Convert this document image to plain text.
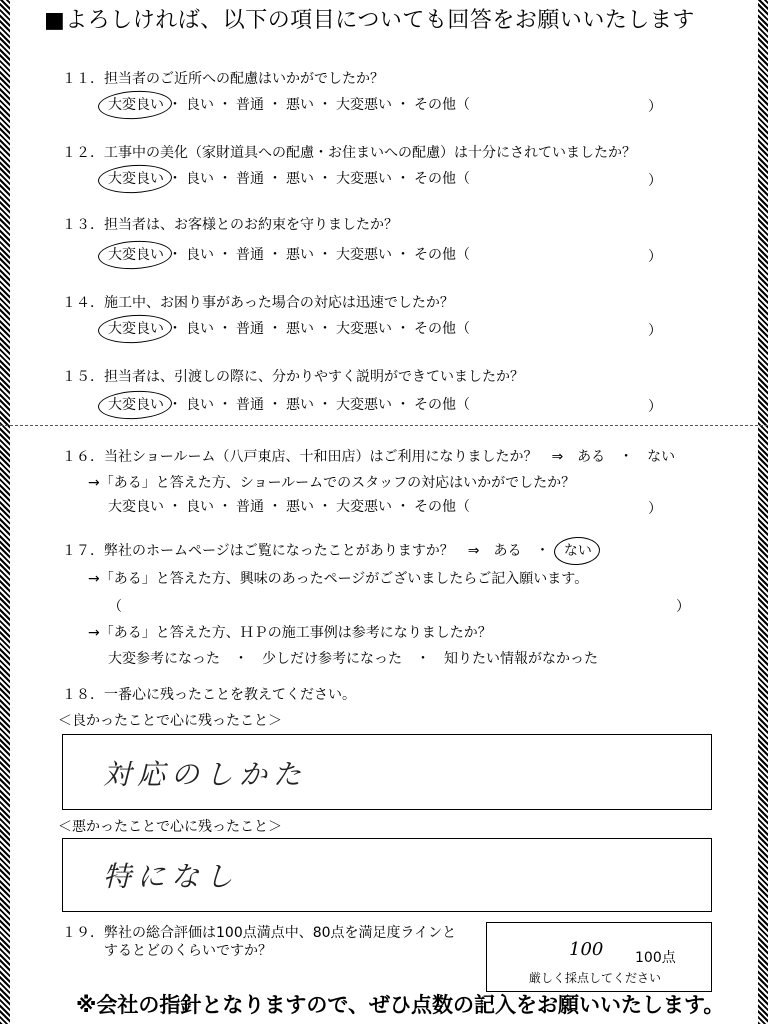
■よろしければ、以下の項目についても回答をお願いいたします
１１．担当者のご近所への配慮はいかがでしたか？
大変良い ・ 良い ・ 普通 ・ 悪い ・ 大変悪い ・ その他（	）
１２．工事中の美化（家財道具への配慮・お住まいへの配慮）は十分にされていましたか？
大変良い ・ 良い ・ 普通 ・ 悪い ・ 大変悪い ・ その他（	）
１３．担当者は、お客様とのお約束を守りましたか？
大変良い ・ 良い ・ 普通 ・ 悪い ・ 大変悪い ・ その他（	）
１４．施工中、お困り事があった場合の対応は迅速でしたか？
大変良い ・ 良い ・ 普通 ・ 悪い ・ 大変悪い ・ その他（	）
１５．担当者は、引渡しの際に、分かりやすく説明ができていましたか？
大変良い ・ 良い ・ 普通 ・ 悪い ・ 大変悪い ・ その他（	）
１６．当社ショールーム（八戸東店、十和田店）はご利用になりましたか？　⇒　ある　・　ない
→「ある」と答えた方、ショールームでのスタッフの対応はいかがでしたか？
大変良い ・ 良い ・ 普通 ・ 悪い ・ 大変悪い ・ その他（	）
１７．弊社のホームページはご覧になったことがありますか？　⇒　ある　・ ない
→「ある」と答えた方、興味のあったページがございましたらご記入願います。
（	）
→「ある」と答えた方、ＨＰの施工事例は参考になりましたか？
大変参考になった　・　少しだけ参考になった　・　知りたい情報がなかった
１８．一番心に残ったことを教えてください。
＜良かったことで心に残ったこと＞
対応のしかた
＜悪かったことで心に残ったこと＞
特になし
１９．弊社の総合評価は100点満点中、80点を満足度ラインと
するとどのくらいですか？	100 100点
厳しく採点してください
※会社の指針となりますので、ぜひ点数の記入をお願いいたします。
